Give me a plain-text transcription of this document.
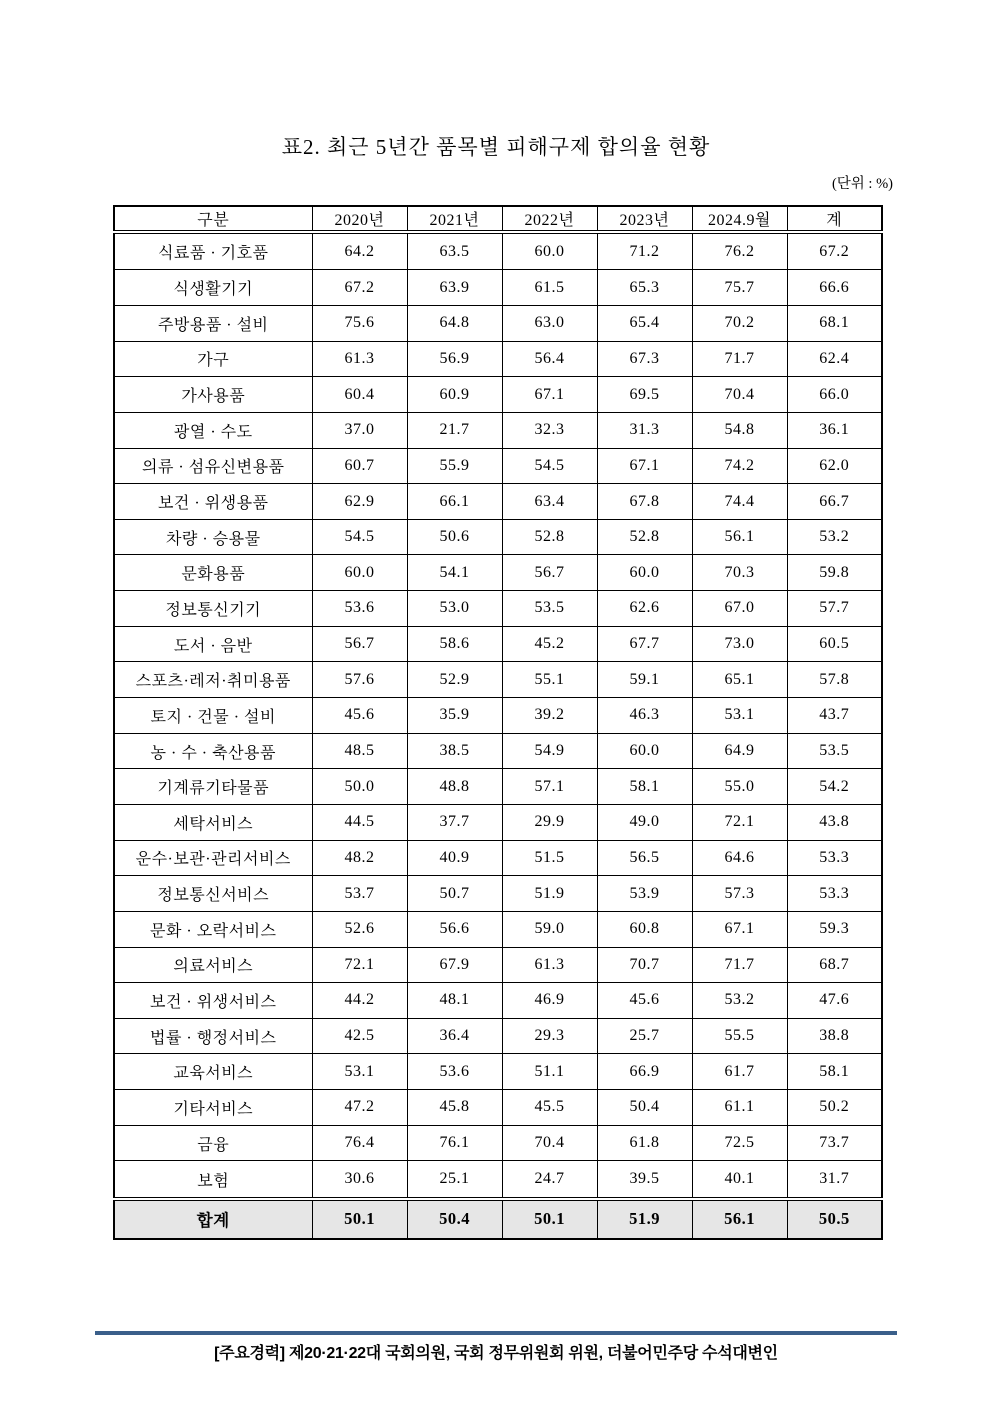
표2. 최근 5년간 품목별 피해구제 합의율 현황
(단위 : %)
구분	2020년	2021년	2022년	2023년	2024.9월	계
식료품 · 기호품	64.2	63.5	60.0	71.2	76.2	67.2
식생활기기	67.2	63.9	61.5	65.3	75.7	66.6
주방용품 · 설비	75.6	64.8	63.0	65.4	70.2	68.1
가구	61.3	56.9	56.4	67.3	71.7	62.4
가사용품	60.4	60.9	67.1	69.5	70.4	66.0
광열 · 수도	37.0	21.7	32.3	31.3	54.8	36.1
의류 · 섬유신변용품	60.7	55.9	54.5	67.1	74.2	62.0
보건 · 위생용품	62.9	66.1	63.4	67.8	74.4	66.7
차량 · 승용물	54.5	50.6	52.8	52.8	56.1	53.2
문화용품	60.0	54.1	56.7	60.0	70.3	59.8
정보통신기기	53.6	53.0	53.5	62.6	67.0	57.7
도서 · 음반	56.7	58.6	45.2	67.7	73.0	60.5
스포츠·레저·취미용품	57.6	52.9	55.1	59.1	65.1	57.8
토지 · 건물 · 설비	45.6	35.9	39.2	46.3	53.1	43.7
농 · 수 · 축산용품	48.5	38.5	54.9	60.0	64.9	53.5
기계류기타물품	50.0	48.8	57.1	58.1	55.0	54.2
세탁서비스	44.5	37.7	29.9	49.0	72.1	43.8
운수·보관·관리서비스	48.2	40.9	51.5	56.5	64.6	53.3
정보통신서비스	53.7	50.7	51.9	53.9	57.3	53.3
문화 · 오락서비스	52.6	56.6	59.0	60.8	67.1	59.3
의료서비스	72.1	67.9	61.3	70.7	71.7	68.7
보건 · 위생서비스	44.2	48.1	46.9	45.6	53.2	47.6
법률 · 행정서비스	42.5	36.4	29.3	25.7	55.5	38.8
교육서비스	53.1	53.6	51.1	66.9	61.7	58.1
기타서비스	47.2	45.8	45.5	50.4	61.1	50.2
금융	76.4	76.1	70.4	61.8	72.5	73.7
보험	30.6	25.1	24.7	39.5	40.1	31.7
합계	50.1	50.4	50.1	51.9	56.1	50.5
[주요경력] 제20·21·22대 국회의원, 국회 정무위원회 위원, 더불어민주당 수석대변인
